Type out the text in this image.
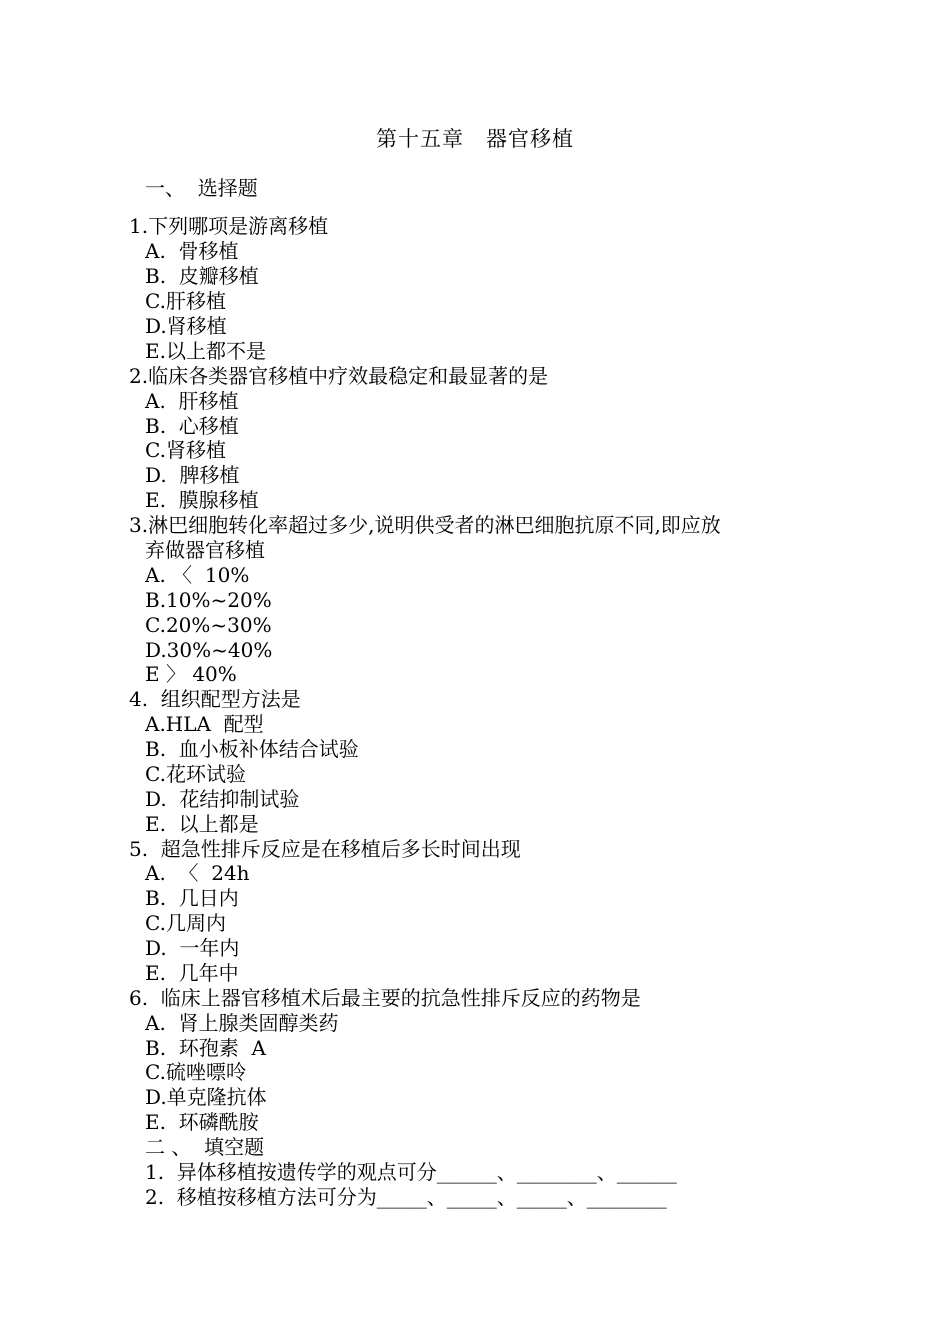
第十五章 器官移植
一、  选择题
1.下列哪项是游离移植
A.  骨移植
B.  皮瓣移植
C.肝移植
D.肾移植
E.以上都不是
2.临床各类器官移植中疗效最稳定和最显著的是
A.  肝移植
B.  心移植
C.肾移植
D.  脾移植
E.  膜腺移植
3.淋巴细胞转化率超过多少,说明供受者的淋巴细胞抗原不同,即应放
弃做器官移植
A. 〈  10%
B.10%~20%
C.20%~30%
D.30%~40%
E 〉 40%
4.  组织配型方法是
A.HLA  配型
B.  血小板补体结合试验
C.花环试验
D.  花结抑制试验
E.  以上都是
5.  超急性排斥反应是在移植后多长时间出现
A.  〈  24h
B.  几日内
C.几周内
D.  一年内
E.  几年中
6.  临床上器官移植术后最主要的抗急性排斥反应的药物是
A.  肾上腺类固醇类药
B.  环孢素  A
C.硫唑嘌呤
D.单克隆抗体
E.  环磷酰胺
二 、  填空题
1.  异体移植按遗传学的观点可分______、________、______
2.  移植按移植方法可分为_____、_____、_____、________
